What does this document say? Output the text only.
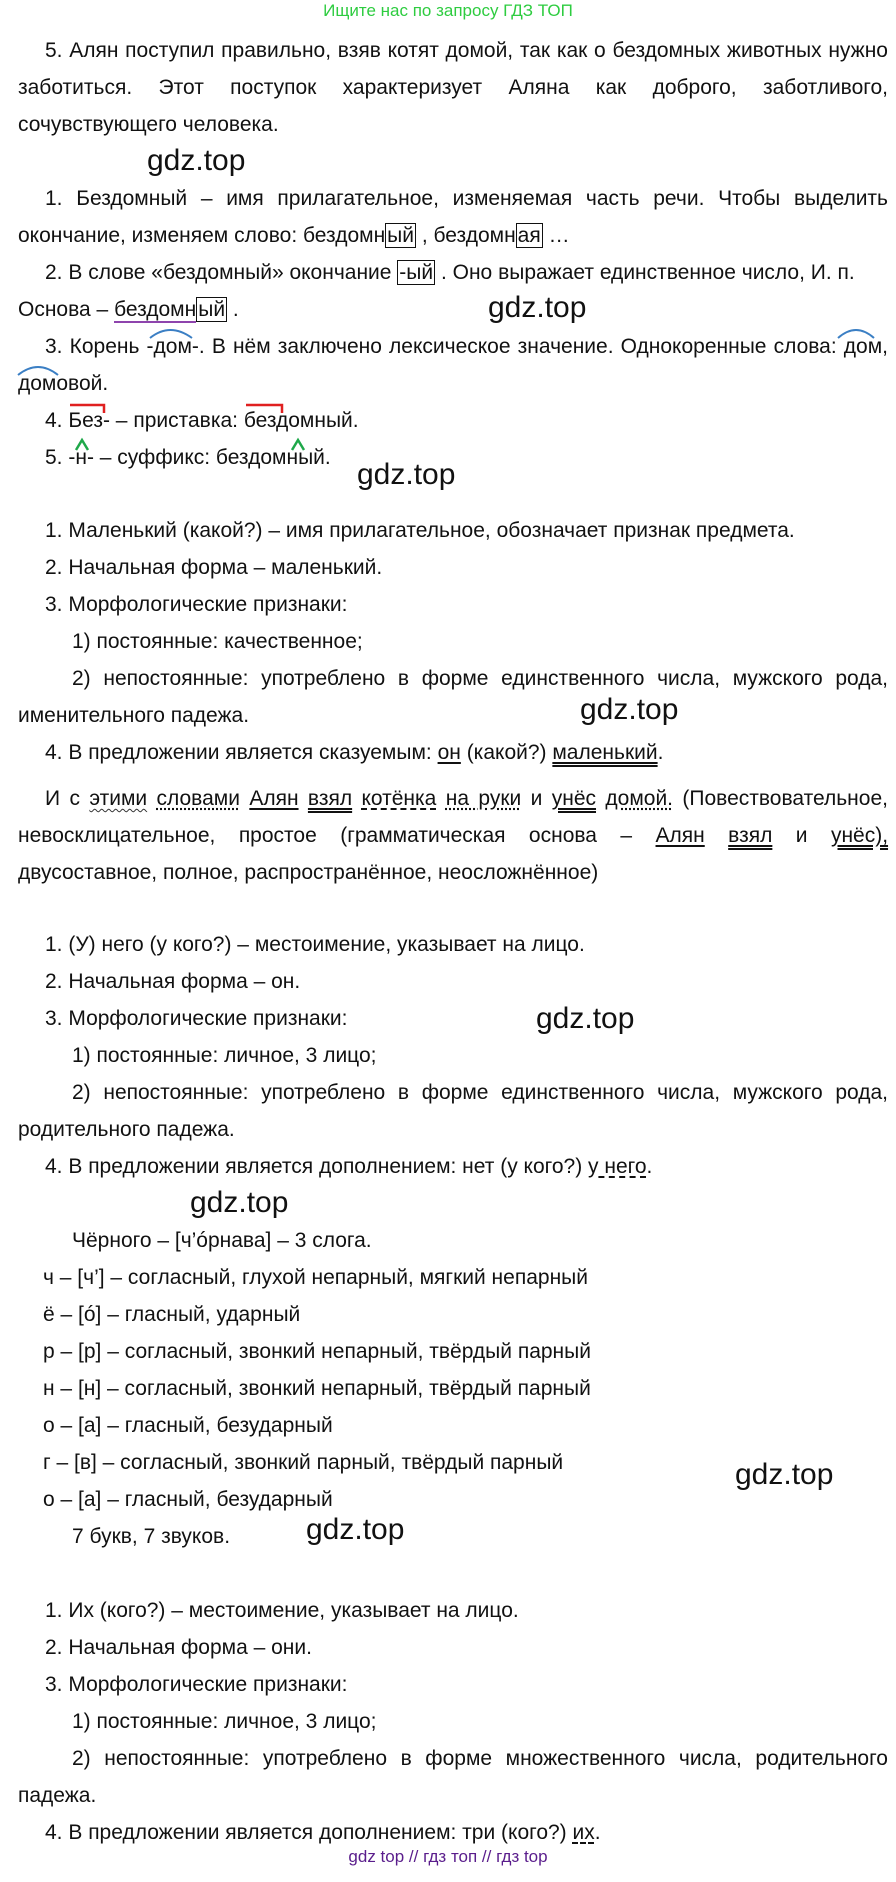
Ищите нас по запросу ГДЗ ТОП

5. Алян поступил правильно, взяв котят домой, так как о бездомных животных нужно заботиться. Этот поступок характеризует Аляна как доброго, заботливого, сочувствующего человека.

gdz.top
1. Бездомный – имя прилагательное, изменяемая часть речи. Чтобы выделить
окончание, изменяем слово: бездомный , бездомная …
2. В слове «бездомный» окончание -ый . Оно выражает единственное число, И. п.
Основа – бездомный .	gdz.top
3. Корень -дом-. В нём заключено лексическое значение. Однокоренные слова: дом,
домовой.
4. Без- – приставка: бездомный.
5. -н- – суффикс: бездомный.
gdz.top
1. Маленький (какой?) – имя прилагательное, обозначает признак предмета.
2. Начальная форма – маленький.
3. Морфологические признаки:
1) постоянные: качественное;

2) непостоянные: употреблено в форме единственного числа, мужского рода, именительного падежа.	gdz.top
4. В предложении является сказуемым: он (какой?) маленький.
И с этими словами Алян взял котёнка на руки и унёс домой. (Повествовательное,
невосклицательное, простое (грамматическая основа – Алян взял и унёс),
двусоставное, полное, распространённое, неосложнённое)
1. (У) него (у кого?) – местоимение, указывает на лицо.
2. Начальная форма – он.
3. Морфологические признаки:	gdz.top
1) постоянные: личное, 3 лицо;

2) непостоянные: употреблено в форме единственного числа, мужского рода, родительного падежа.

4. В предложении является дополнением: нет (у кого?) у него.
gdz.top
Чёрного – [ч’óрнава] – 3 слога.
ч – [ч’] – согласный, глухой непарный, мягкий непарный
ё – [ó] – гласный, ударный
р – [р] – согласный, звонкий непарный, твёрдый парный
н – [н] – согласный, звонкий непарный, твёрдый парный
о – [а] – гласный, безударный
г – [в] – согласный, звонкий парный, твёрдый парный	gdz.top
о – [а] – гласный, безударный
7 букв, 7 звуков.	gdz.top
1. Их (кого?) – местоимение, указывает на лицо.
2. Начальная форма – они.
3. Морфологические признаки:
1) постоянные: личное, 3 лицо;

2) непостоянные: употреблено в форме множественного числа, родительного падежа.

4. В предложении является дополнением: три (кого?) их.
gdz top // гдз топ // гдз top
